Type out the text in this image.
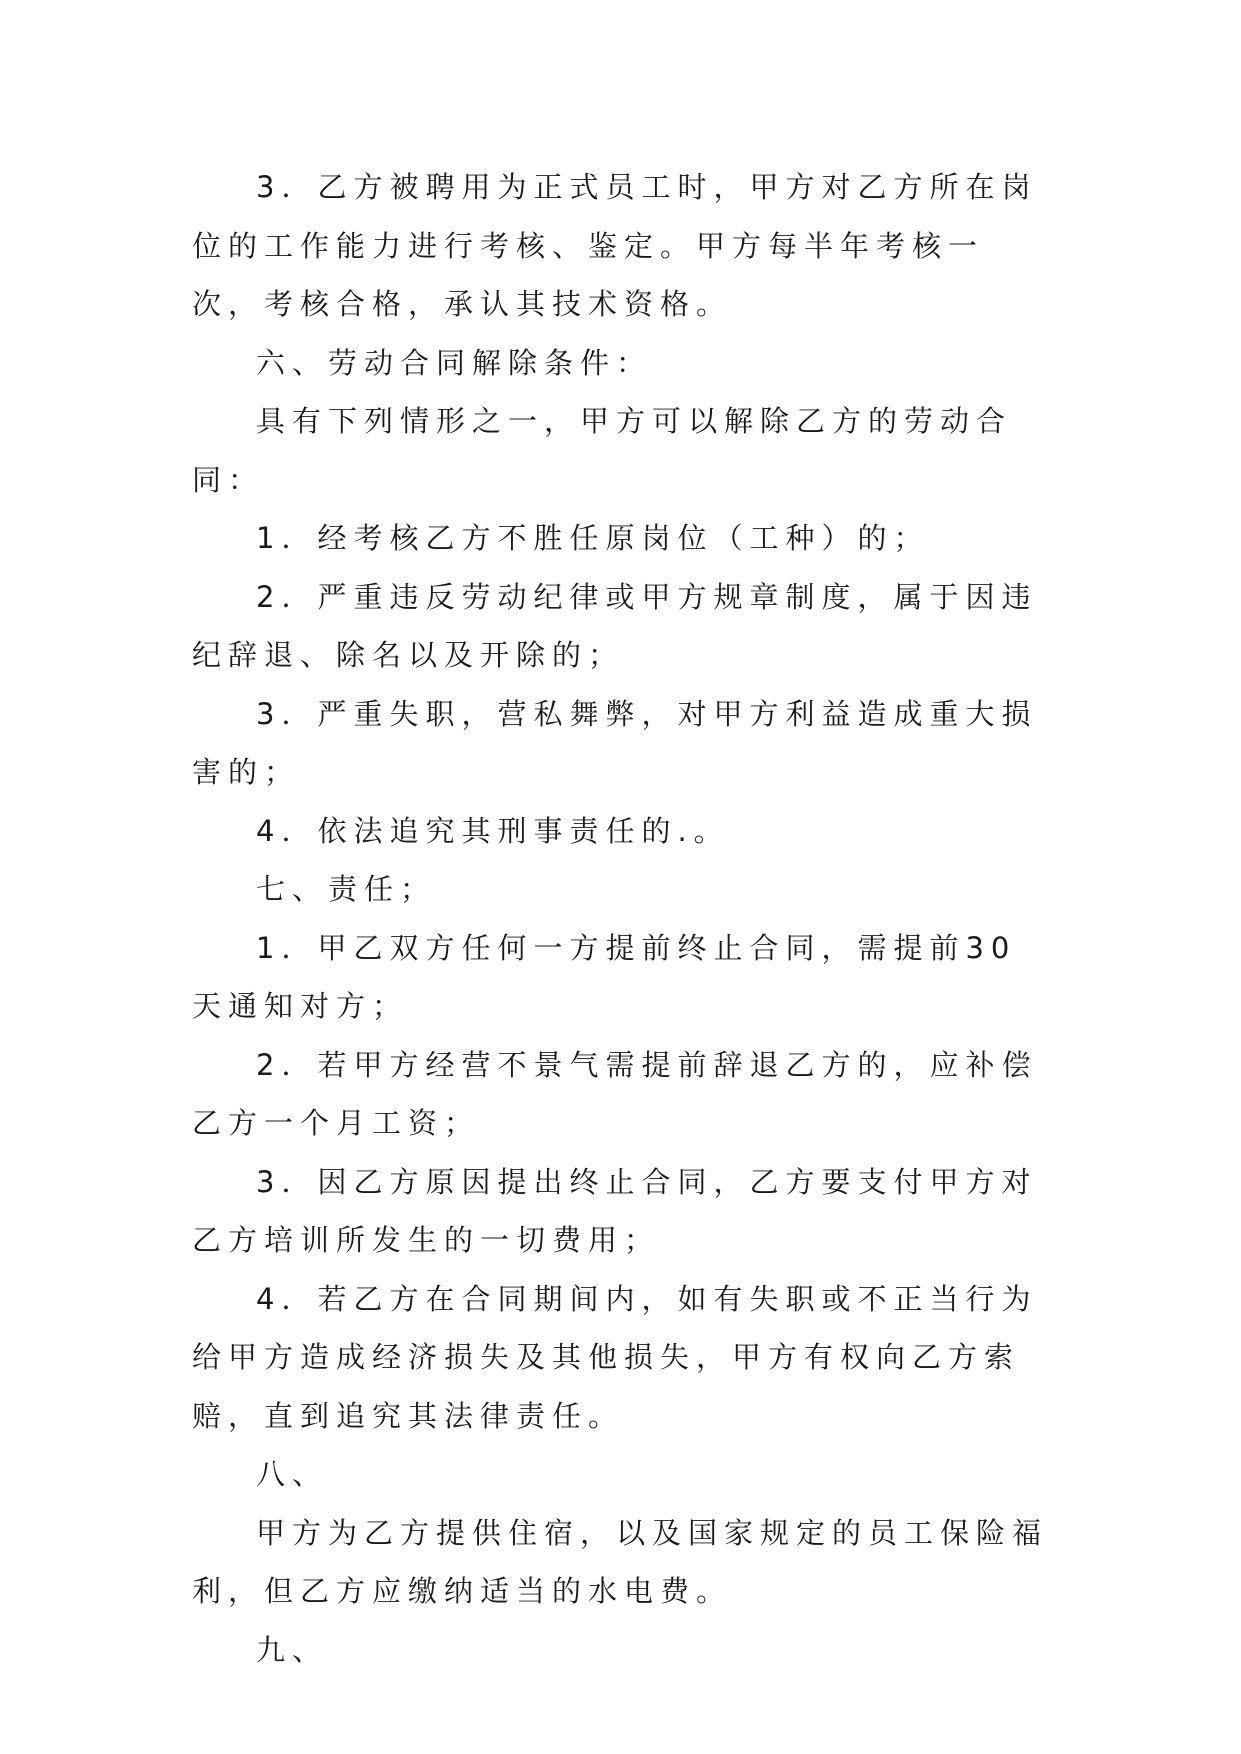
3．乙方被聘用为正式员工时，甲方对乙方所在岗位的工作能力进行考核、鉴定。甲方每半年考核一次，考核合格，承认其技术资格。

六、劳动合同解除条件：

具有下列情形之一，甲方可以解除乙方的劳动合同：

1．经考核乙方不胜任原岗位（工种）的；

2．严重违反劳动纪律或甲方规章制度，属于因违纪辞退、除名以及开除的；

3．严重失职，营私舞弊，对甲方利益造成重大损害的；

4．依法追究其刑事责任的.。

七、责任；

1．甲乙双方任何一方提前终止合同，需提前30天通知对方；

2．若甲方经营不景气需提前辞退乙方的，应补偿乙方一个月工资；

3．因乙方原因提出终止合同，乙方要支付甲方对乙方培训所发生的一切费用；

4．若乙方在合同期间内，如有失职或不正当行为给甲方造成经济损失及其他损失，甲方有权向乙方索赔，直到追究其法律责任。

八、

甲方为乙方提供住宿，以及国家规定的员工保险福利，但乙方应缴纳适当的水电费。

九、
